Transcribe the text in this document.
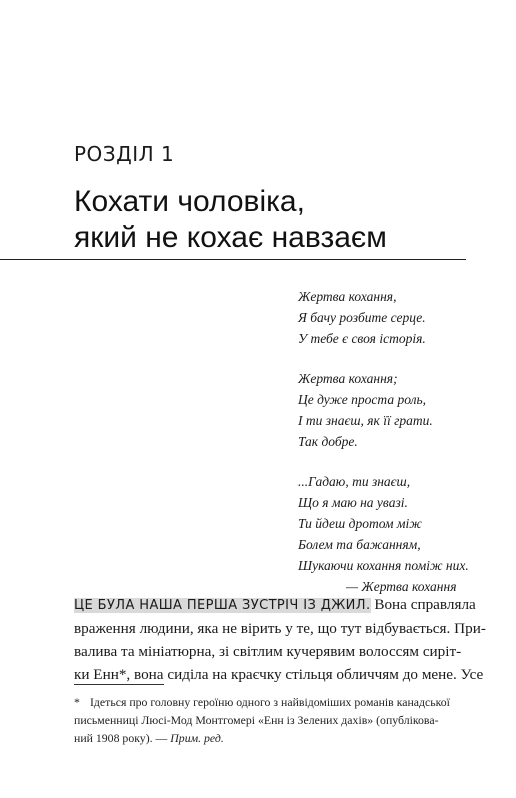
РОЗДІЛ 1
Кохати чоловіка,
який не кохає навзаєм
Жертва кохання,
Я бачу розбите серце.
У тебе є своя історія.
Жертва кохання;
Це дуже проста роль,
І ти знаєш, як її грати.
Так добре.
...Гадаю, ти знаєш,
Що я маю на увазі.
Ти йдеш дротом між
Болем та бажанням,
Шукаючи кохання поміж них.
— Жертва кохання
ЦЕ БУЛА НАША ПЕРША ЗУСТРІЧ ІЗ ДЖИЛ. Вона справляла
враження людини, яка не вірить у те, що тут відбувається. При-
валива та мініатюрна, зі світлим кучерявим волоссям сиріт-
ки Енн*, вона сиділа на краєчку стільця обличчям до мене. Усе
* Ідеться про головну героїню одного з найвідоміших романів канадської
письменниці Люсі-Мод Монтгомері «Енн із Зелених дахів» (опублікова-
ний 1908 року). — Прим. ред.
